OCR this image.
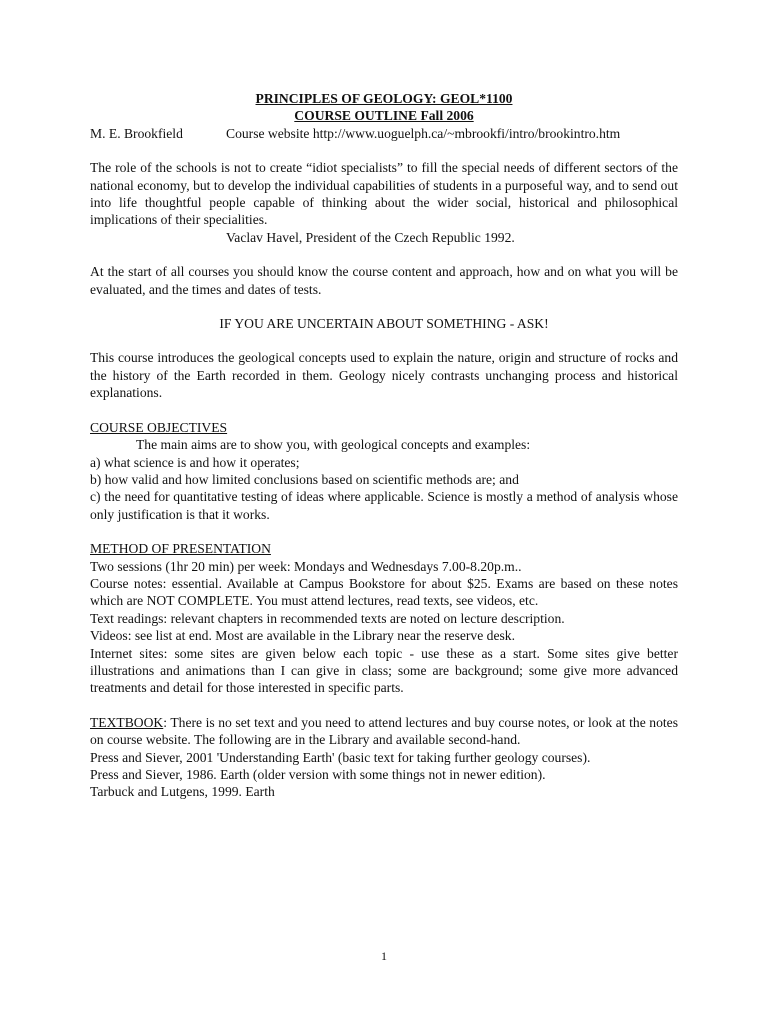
PRINCIPLES OF GEOLOGY: GEOL*1100

COURSE OUTLINE Fall 2006

M. E. Brookfield	Course website http://www.uoguelph.ca/~mbrookfi/intro/brookintro.htm

The role of the schools is not to create “idiot specialists” to fill the special needs of different sectors of the national economy, but to develop the individual capabilities of students in a purposeful way, and to send out into life thoughtful people capable of thinking about the wider social, historical and philosophical implications of their specialities.

Vaclav Havel, President of the Czech Republic 1992.

At the start of all courses you should know the course content and approach, how and on what you will be evaluated, and the times and dates of tests.

IF YOU ARE UNCERTAIN ABOUT SOMETHING - ASK!

This course introduces the geological concepts used to explain the nature, origin and structure of rocks and the history of the Earth recorded in them. Geology nicely contrasts unchanging process and historical explanations.

COURSE OBJECTIVES

The main aims are to show you, with geological concepts and examples:

a) what science is and how it operates;

b) how valid and how limited conclusions based on scientific methods are; and

c) the need for quantitative testing of ideas where applicable. Science is mostly a method of analysis whose only justification is that it works.

METHOD OF PRESENTATION

Two sessions (1hr 20 min) per week: Mondays and Wednesdays 7.00-8.20p.m..

Course notes: essential. Available at Campus Bookstore for about $25. Exams are based on these notes which are NOT COMPLETE. You must attend lectures, read texts, see videos, etc.

Text readings: relevant chapters in recommended texts are noted on lecture description.

Videos: see list at end. Most are available in the Library near the reserve desk.

Internet sites: some sites are given below each topic - use these as a start. Some sites give better illustrations and animations than I can give in class; some are background; some give more advanced treatments and detail for those interested in specific parts.

TEXTBOOK: There is no set text and you need to attend lectures and buy course notes, or look at the notes on course website. The following are in the Library and available second-hand.

Press and Siever, 2001 'Understanding Earth' (basic text for taking further geology courses).

Press and Siever, 1986. Earth (older version with some things not in newer edition).

Tarbuck and Lutgens, 1999. Earth

1
